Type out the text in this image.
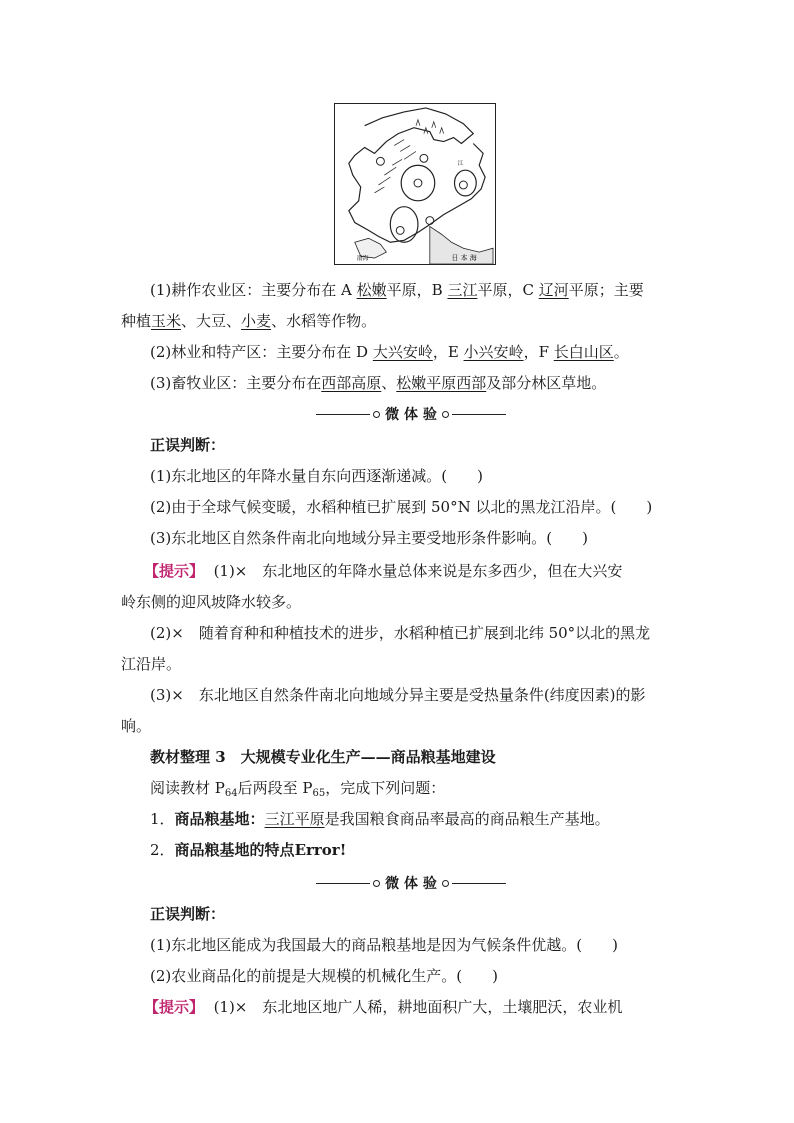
渤海	日 本 海
江
(1)耕作农业区：主要分布在 A 松嫩平原，B 三江平原，C 辽河平原；主要
种植玉米、大豆、小麦、水稻等作物。
(2)林业和特产区：主要分布在 D 大兴安岭，E 小兴安岭，F 长白山区。
(3)畜牧业区：主要分布在西部高原、松嫩平原西部及部分林区草地。
微 体 验
正误判断：
(1)东北地区的年降水量自东向西逐渐递减。(　　)
(2)由于全球气候变暖，水稻种植已扩展到 50°N 以北的黑龙江沿岸。(　　)
(3)东北地区自然条件南北向地域分异主要受地形条件影响。(　　)
【提示】 (1)×　东北地区的年降水量总体来说是东多西少，但在大兴安
岭东侧的迎风坡降水较多。
(2)×　随着育种和种植技术的进步，水稻种植已扩展到北纬 50°以北的黑龙
江沿岸。
(3)×　东北地区自然条件南北向地域分异主要是受热量条件(纬度因素)的影
响。
教材整理 3　大规模专业化生产——商品粮基地建设
阅读教材 $P_{64}$后两段至 $P_{65}$，完成下列问题：
1．商品粮基地：三江平原是我国粮食商品率最高的商品粮生产基地。
2．商品粮基地的特点Error!
微 体 验
正误判断：
(1)东北地区能成为我国最大的商品粮基地是因为气候条件优越。(　　)
(2)农业商品化的前提是大规模的机械化生产。(　　)
【提示】 (1)×　东北地区地广人稀，耕地面积广大，土壤肥沃，农业机
